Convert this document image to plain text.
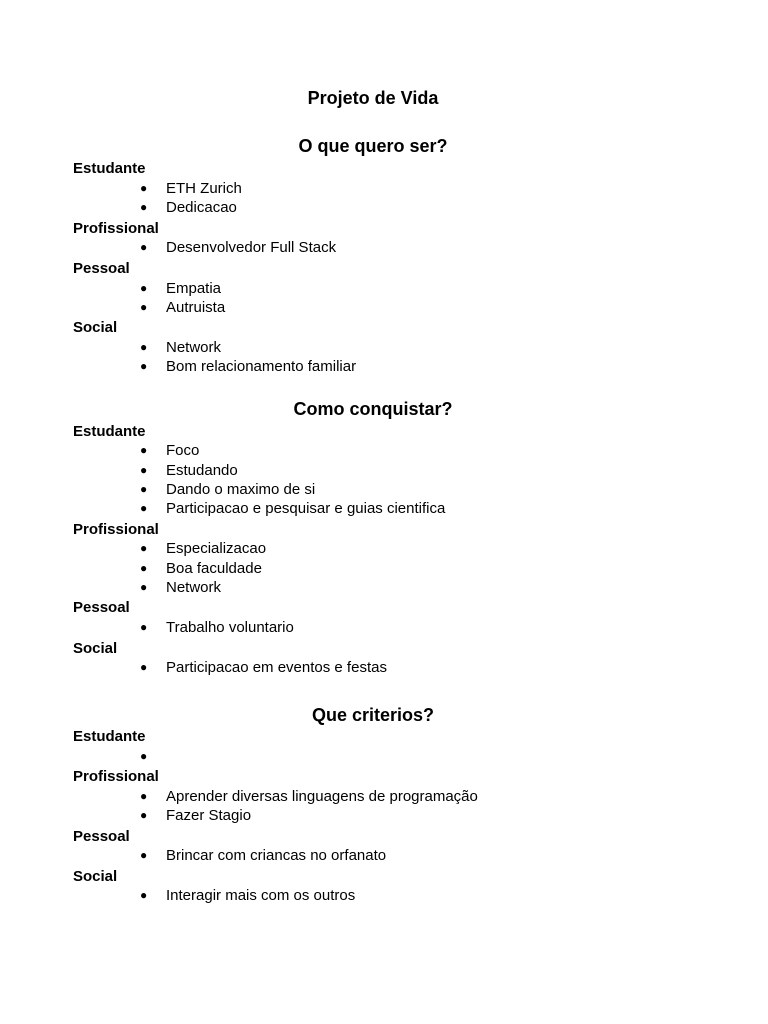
Projeto de Vida
O que quero ser?
Estudante
● ETH Zurich
● Dedicacao
Profissional
● Desenvolvedor Full Stack
Pessoal
● Empatia
● Autruista
Social
● Network
● Bom relacionamento familiar
Como conquistar?
Estudante
● Foco
● Estudando
● Dando o maximo de si
● Participacao e pesquisar e guias cientifica
Profissional
● Especializacao
● Boa faculdade
● Network
Pessoal
● Trabalho voluntario
Social
● Participacao em eventos e festas
Que criterios?
Estudante
●
Profissional
● Aprender diversas linguagens de programação
● Fazer Stagio
Pessoal
● Brincar com criancas no orfanato
Social
● Interagir mais com os outros
